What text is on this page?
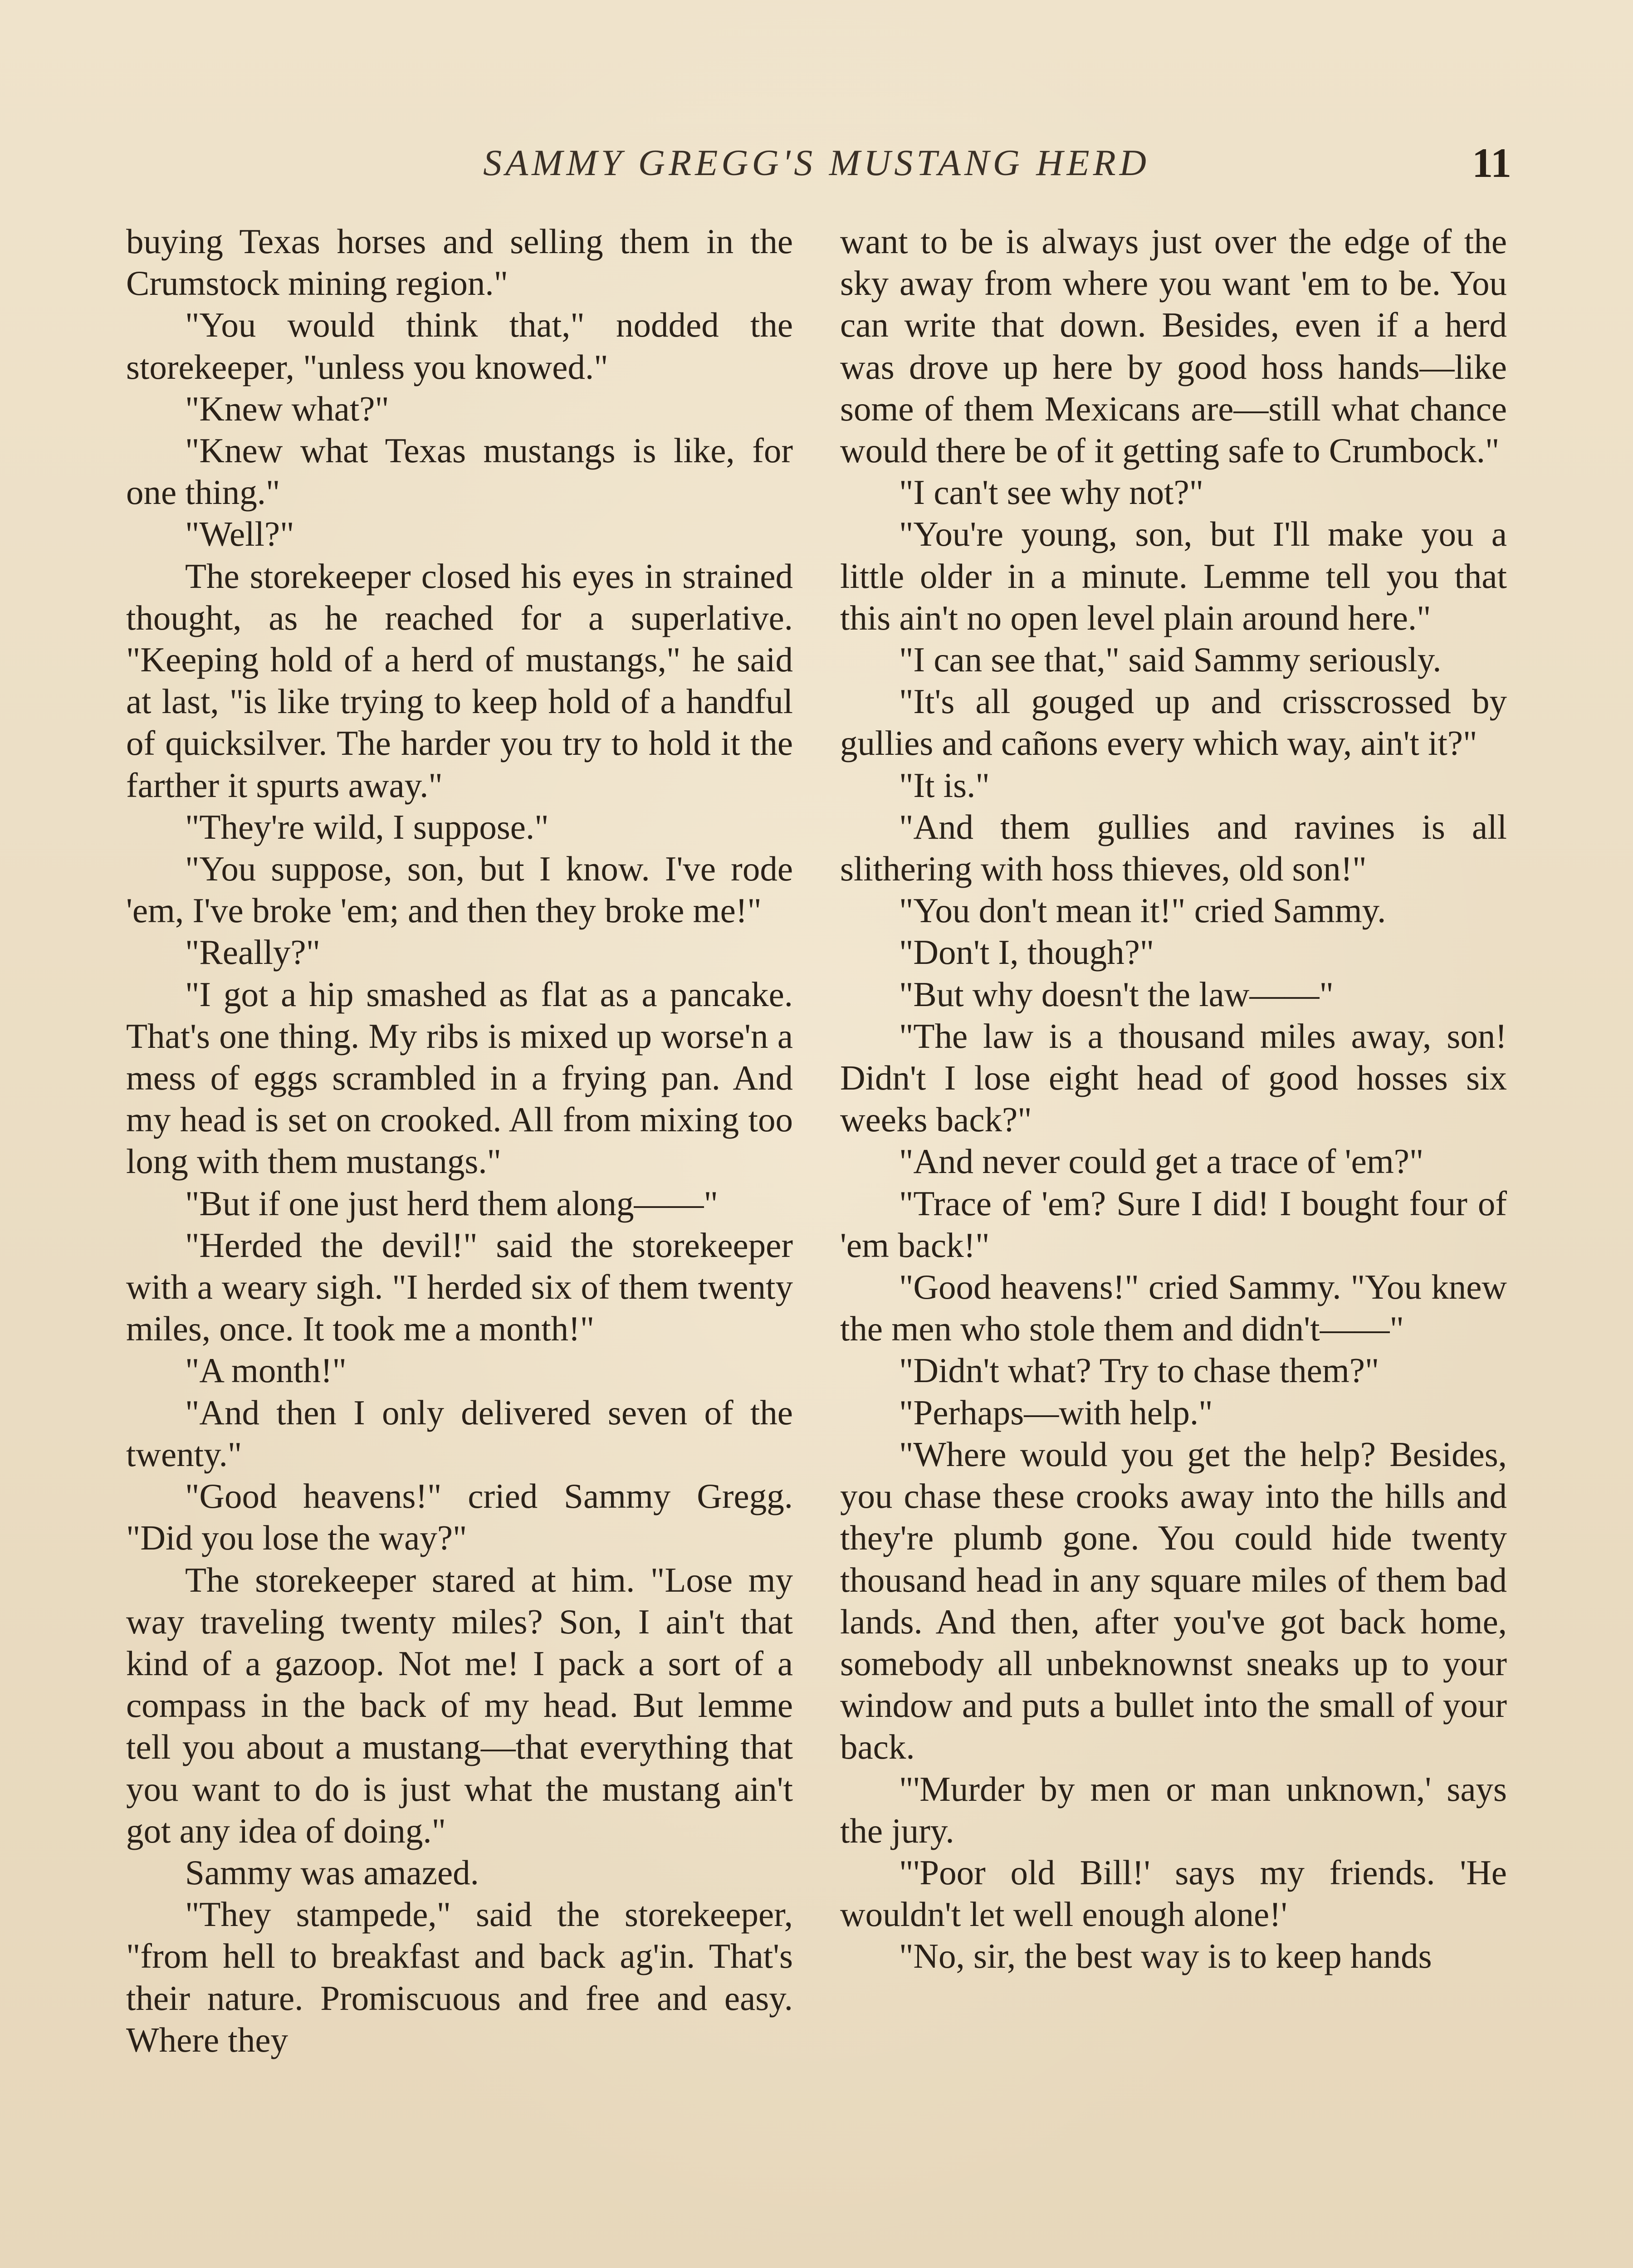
SAMMY GREGG'S MUSTANG HERD	11

buying Texas horses and selling them in the Crumstock mining region."

"You would think that," nodded the storekeeper, "unless you knowed."

"Knew what?"

"Knew what Texas mustangs is like, for one thing."

"Well?"

The storekeeper closed his eyes in strained thought, as he reached for a superlative. "Keeping hold of a herd of mustangs," he said at last, "is like trying to keep hold of a handful of quicksilver. The harder you try to hold it the farther it spurts away."

"They're wild, I suppose."

"You suppose, son, but I know. I've rode 'em, I've broke 'em; and then they broke me!"

"Really?"

"I got a hip smashed as flat as a pancake. That's one thing. My ribs is mixed up worse'n a mess of eggs scrambled in a frying pan. And my head is set on crooked. All from mixing too long with them mustangs."

"But if one just herd them along——"

"Herded the devil!" said the storekeeper with a weary sigh. "I herded six of them twenty miles, once. It took me a month!"

"A month!"

"And then I only delivered seven of the twenty."

"Good heavens!" cried Sammy Gregg. "Did you lose the way?"

The storekeeper stared at him. "Lose my way traveling twenty miles? Son, I ain't that kind of a gazoop. Not me! I pack a sort of a compass in the back of my head. But lemme tell you about a mustang—that everything that you want to do is just what the mustang ain't got any idea of doing."

Sammy was amazed.

"They stampede," said the storekeeper, "from hell to breakfast and back ag'in. That's their nature. Promiscuous and free and easy. Where they

want to be is always just over the edge of the sky away from where you want 'em to be. You can write that down. Besides, even if a herd was drove up here by good hoss hands—like some of them Mexicans are—still what chance would there be of it getting safe to Crumbock."

"I can't see why not?"

"You're young, son, but I'll make you a little older in a minute. Lemme tell you that this ain't no open level plain around here."

"I can see that," said Sammy seriously.

"It's all gouged up and crisscrossed by gullies and cañons every which way, ain't it?"

"It is."

"And them gullies and ravines is all slithering with hoss thieves, old son!"

"You don't mean it!" cried Sammy.

"Don't I, though?"

"But why doesn't the law——"

"The law is a thousand miles away, son! Didn't I lose eight head of good hosses six weeks back?"

"And never could get a trace of 'em?"

"Trace of 'em? Sure I did! I bought four of 'em back!"

"Good heavens!" cried Sammy. "You knew the men who stole them and didn't——"

"Didn't what? Try to chase them?"

"Perhaps—with help."

"Where would you get the help? Besides, you chase these crooks away into the hills and they're plumb gone. You could hide twenty thousand head in any square miles of them bad lands. And then, after you've got back home, somebody all unbeknownst sneaks up to your window and puts a bullet into the small of your back.

"'Murder by men or man unknown,' says the jury.

"'Poor old Bill!' says my friends. 'He wouldn't let well enough alone!'

"No, sir, the best way is to keep hands
